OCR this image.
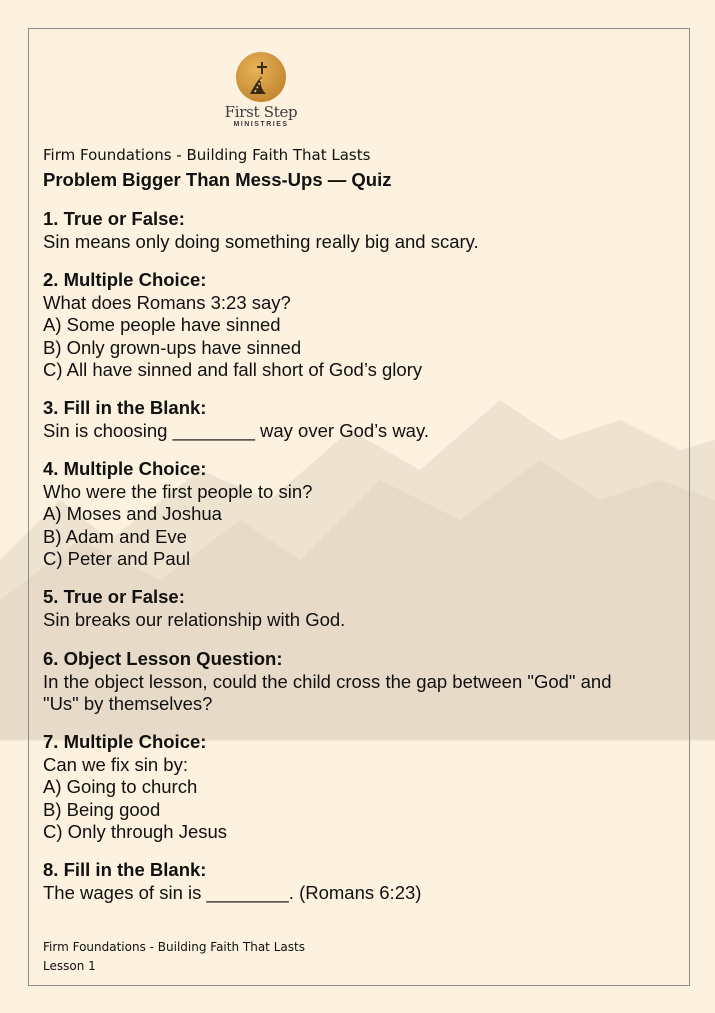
First Step
MINISTRIES
Firm Foundations - Building Faith That Lasts
Problem Bigger Than Mess-Ups — Quiz
1. True or False:
Sin means only doing something really big and scary.
2. Multiple Choice:
What does Romans 3:23 say?
A) Some people have sinned
B) Only grown-ups have sinned
C) All have sinned and fall short of God’s glory
3. Fill in the Blank:
Sin is choosing ________ way over God’s way.
4. Multiple Choice:
Who were the first people to sin?
A) Moses and Joshua
B) Adam and Eve
C) Peter and Paul
5. True or False:
Sin breaks our relationship with God.
6. Object Lesson Question:
In the object lesson, could the child cross the gap between "God" and
"Us" by themselves?
7. Multiple Choice:
Can we fix sin by:
A) Going to church
B) Being good
C) Only through Jesus
8. Fill in the Blank:
The wages of sin is ________. (Romans 6:23)
Firm Foundations - Building Faith That Lasts
Lesson 1
